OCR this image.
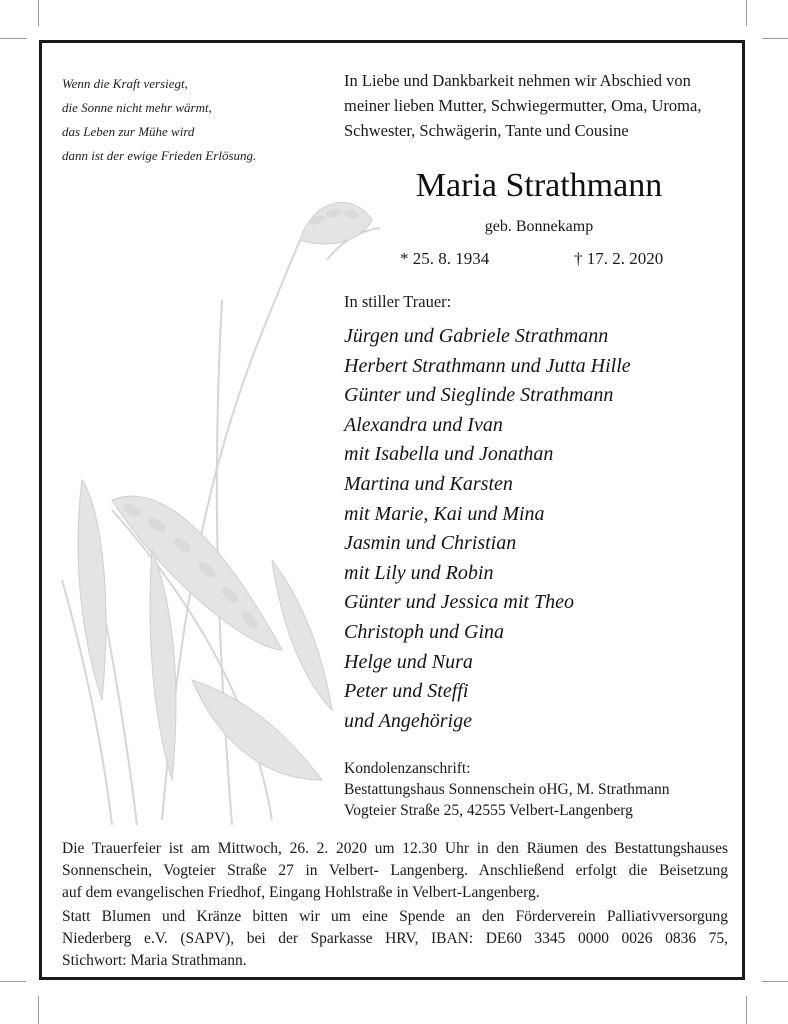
Wenn die Kraft versiegt,
die Sonne nicht mehr wärmt,
das Leben zur Mühe wird
dann ist der ewige Frieden Erlösung.
In Liebe und Dankbarkeit nehmen wir Abschied von
meiner lieben Mutter, Schwiegermutter, Oma, Uroma,
Schwester, Schwägerin, Tante und Cousine
Maria Strathmann
geb. Bonnekamp
* 25. 8. 1934	† 17. 2. 2020
In stiller Trauer:
Jürgen und Gabriele Strathmann
Herbert Strathmann und Jutta Hille
Günter und Sieglinde Strathmann
Alexandra und Ivan
mit Isabella und Jonathan
Martina und Karsten
mit Marie, Kai und Mina
Jasmin und Christian
mit Lily und Robin
Günter und Jessica mit Theo
Christoph und Gina
Helge und Nura
Peter und Steffi
und Angehörige
Kondolenzanschrift:
Bestattungshaus Sonnenschein oHG, M. Strathmann
Vogteier Straße 25, 42555 Velbert-Langenberg
Die Trauerfeier ist am Mittwoch, 26. 2. 2020 um 12.30 Uhr in den Räumen des Bestattungshauses
Sonnenschein, Vogteier Straße 27 in Velbert- Langenberg. Anschließend erfolgt die Beisetzung
auf dem evangelischen Friedhof, Eingang Hohlstraße in Velbert-Langenberg.
Statt Blumen und Kränze bitten wir um eine Spende an den Förderverein Palliativversorgung
Niederberg e.V. (SAPV), bei der Sparkasse HRV, IBAN: DE60 3345 0000 0026 0836 75,
Stichwort: Maria Strathmann.
